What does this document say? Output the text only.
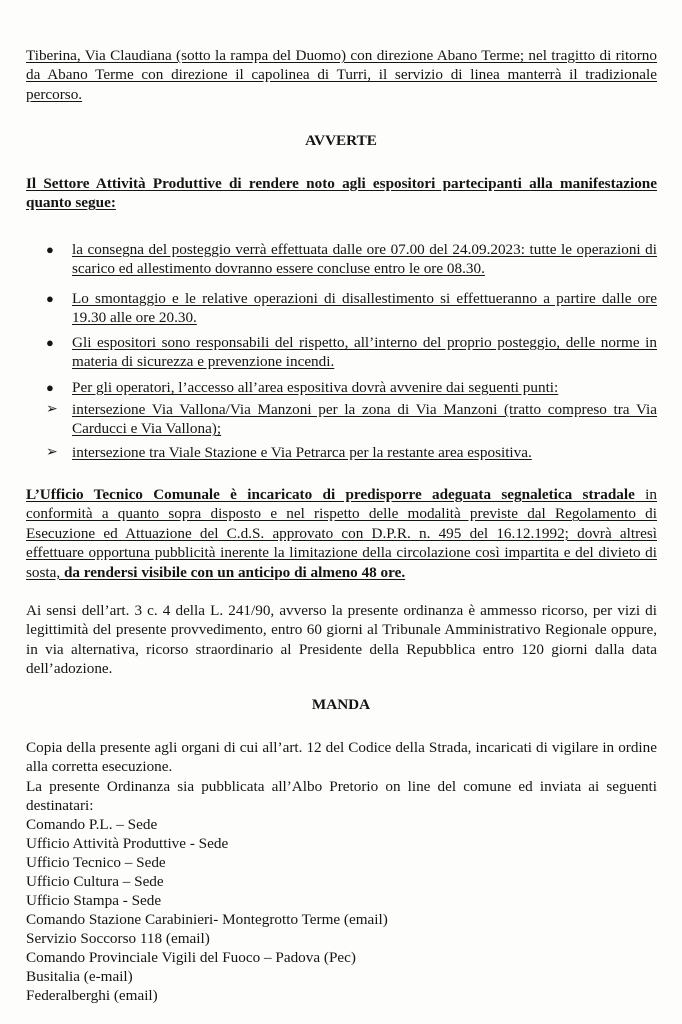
Tiberina, Via Claudiana (sotto la rampa del Duomo) con direzione Abano Terme; nel tragitto di ritorno da Abano Terme con direzione il capolinea di Turri, il servizio di linea manterrà il tradizionale percorso.

AVVERTE

Il Settore Attività Produttive di rendere noto agli espositori partecipanti alla manifestazione quanto segue:

● la consegna del posteggio verrà effettuata dalle ore 07.00 del 24.09.2023: tutte le operazioni di scarico ed allestimento dovranno essere concluse entro le ore 08.30.
● Lo smontaggio e le relative operazioni di disallestimento si effettueranno a partire dalle ore 19.30 alle ore 20.30.
● Gli espositori sono responsabili del rispetto, all’interno del proprio posteggio, delle norme in materia di sicurezza e prevenzione incendi.
● Per gli operatori, l’accesso all’area espositiva dovrà avvenire dai seguenti punti:
➢ intersezione Via Vallona/Via Manzoni per la zona di Via Manzoni (tratto compreso tra Via Carducci e Via Vallona);
➢ intersezione tra Viale Stazione e Via Petrarca per la restante area espositiva.

L’Ufficio Tecnico Comunale è incaricato di predisporre adeguata segnaletica stradale in conformità a quanto sopra disposto e nel rispetto delle modalità previste dal Regolamento di Esecuzione ed Attuazione del C.d.S. approvato con D.P.R. n. 495 del 16.12.1992; dovrà altresì effettuare opportuna pubblicità inerente la limitazione della circolazione così impartita e del divieto di sosta, da rendersi visibile con un anticipo di almeno 48 ore.

Ai sensi dell’art. 3 c. 4 della L. 241/90, avverso la presente ordinanza è ammesso ricorso, per vizi di legittimità del presente provvedimento, entro 60 giorni al Tribunale Amministrativo Regionale oppure, in via alternativa, ricorso straordinario al Presidente della Repubblica entro 120 giorni dalla data dell’adozione.

MANDA

Copia della presente agli organi di cui all’art. 12 del Codice della Strada, incaricati di vigilare in ordine alla corretta esecuzione.

La presente Ordinanza sia pubblicata all’Albo Pretorio on line del comune ed inviata ai seguenti destinatari:

Comando P.L. – Sede
Ufficio Attività Produttive - Sede
Ufficio Tecnico – Sede
Ufficio Cultura – Sede
Ufficio Stampa - Sede
Comando Stazione Carabinieri- Montegrotto Terme (email)
Servizio Soccorso 118 (email)
Comando Provinciale Vigili del Fuoco – Padova (Pec)
Busitalia (e-mail)
Federalberghi (email)
